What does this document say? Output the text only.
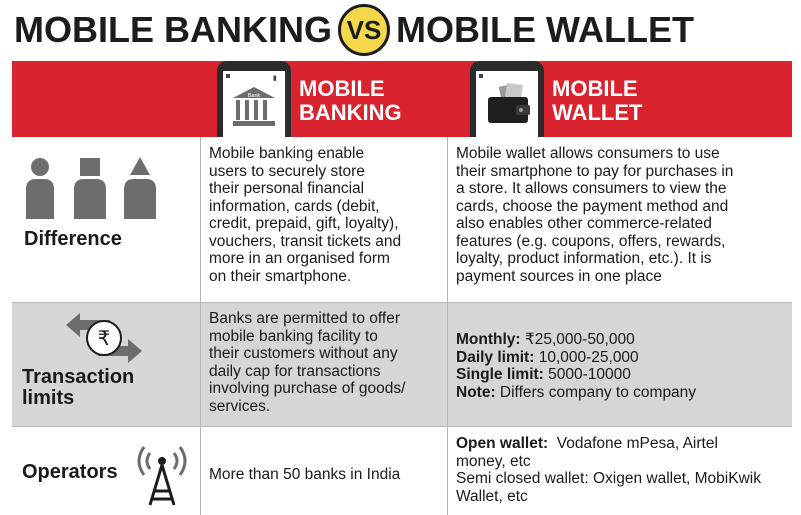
MOBILE BANKING VS MOBILE WALLET
▮
Bank MOBILE
BANKING
MOBILE
WALLET
Difference
Mobile banking enable
users to securely store
their personal financial
information, cards (debit,
credit, prepaid, gift, loyalty),
vouchers, transit tickets and
more in an organised form
on their smartphone.
Mobile wallet allows consumers to use
their smartphone to pay for purchases in
a store. It allows consumers to view the
cards, choose the payment method and
also enables other commerce-related
features (e.g. coupons, offers, rewards,
loyalty, product information, etc.). It is
payment sources in one place
₹
Transaction
limits
Banks are permitted to offer
mobile banking facility to
their customers without any
daily cap for transactions
involving purchase of goods/
services.
Monthly: ₹25,000-50,000
Daily limit: 10,000-25,000
Single limit: 5000-10000
Note: Differs company to company
Operators	More than 50 banks in India
Open wallet:  Vodafone mPesa, Airtel
money, etc
Semi closed wallet: Oxigen wallet, MobiKwik
Wallet, etc
